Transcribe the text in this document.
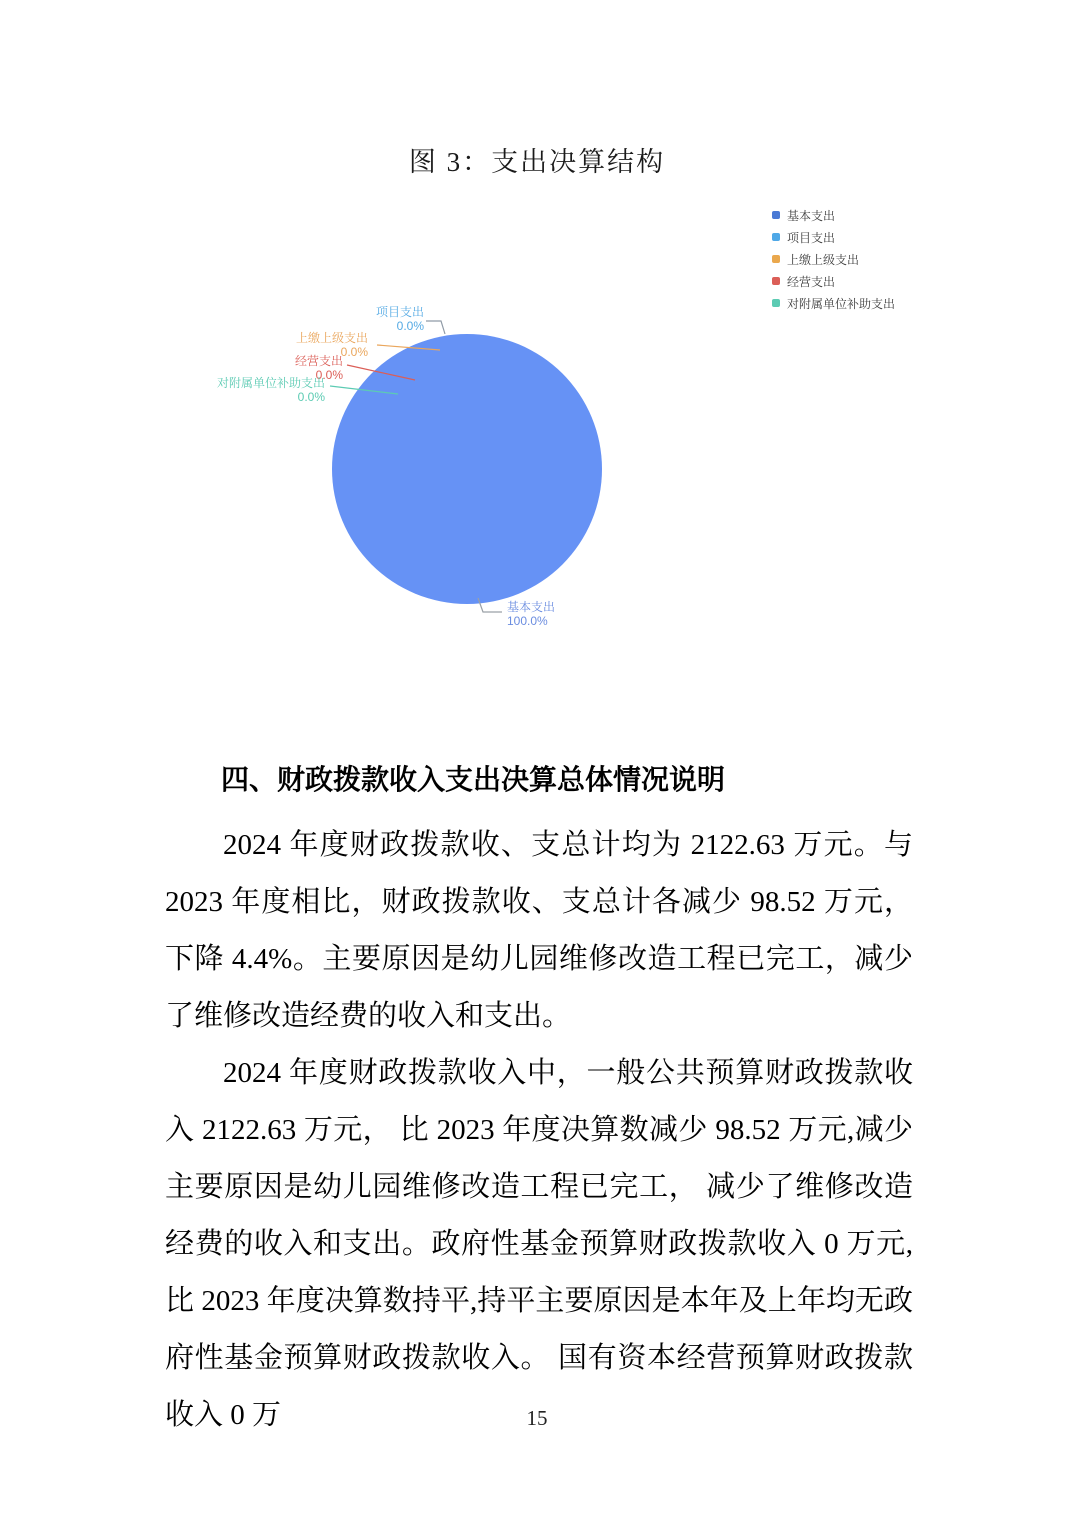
图 3：支出决算结构
项目支出
0.0%
上缴上级支出
0.0%
经营支出
0.0%
对附属单位补助支出
0.0%
基本支出
100.0%
基本支出
项目支出
上缴上级支出
经营支出
对附属单位补助支出
四、财政拨款收入支出决算总体情况说明

2024 年度财政拨款收、支总计均为 2122.63 万元。与 2023 年度相比，财政拨款收、支总计各减少 98.52 万元，下降 4.4%。主要原因是幼儿园维修改造工程已完工，减少了维修改造经费的收入和支出。

2024 年度财政拨款收入中，一般公共预算财政拨款收入 2122.63 万元， 比 2023 年度决算数减少 98.52 万元,减少主要原因是幼儿园维修改造工程已完工， 减少了维修改造经费的收入和支出。政府性基金预算财政拨款收入 0 万元,比 2023 年度决算数持平,持平主要原因是本年及上年均无政府性基金预算财政拨款收入。 国有资本经营预算财政拨款收入 0 万	15
